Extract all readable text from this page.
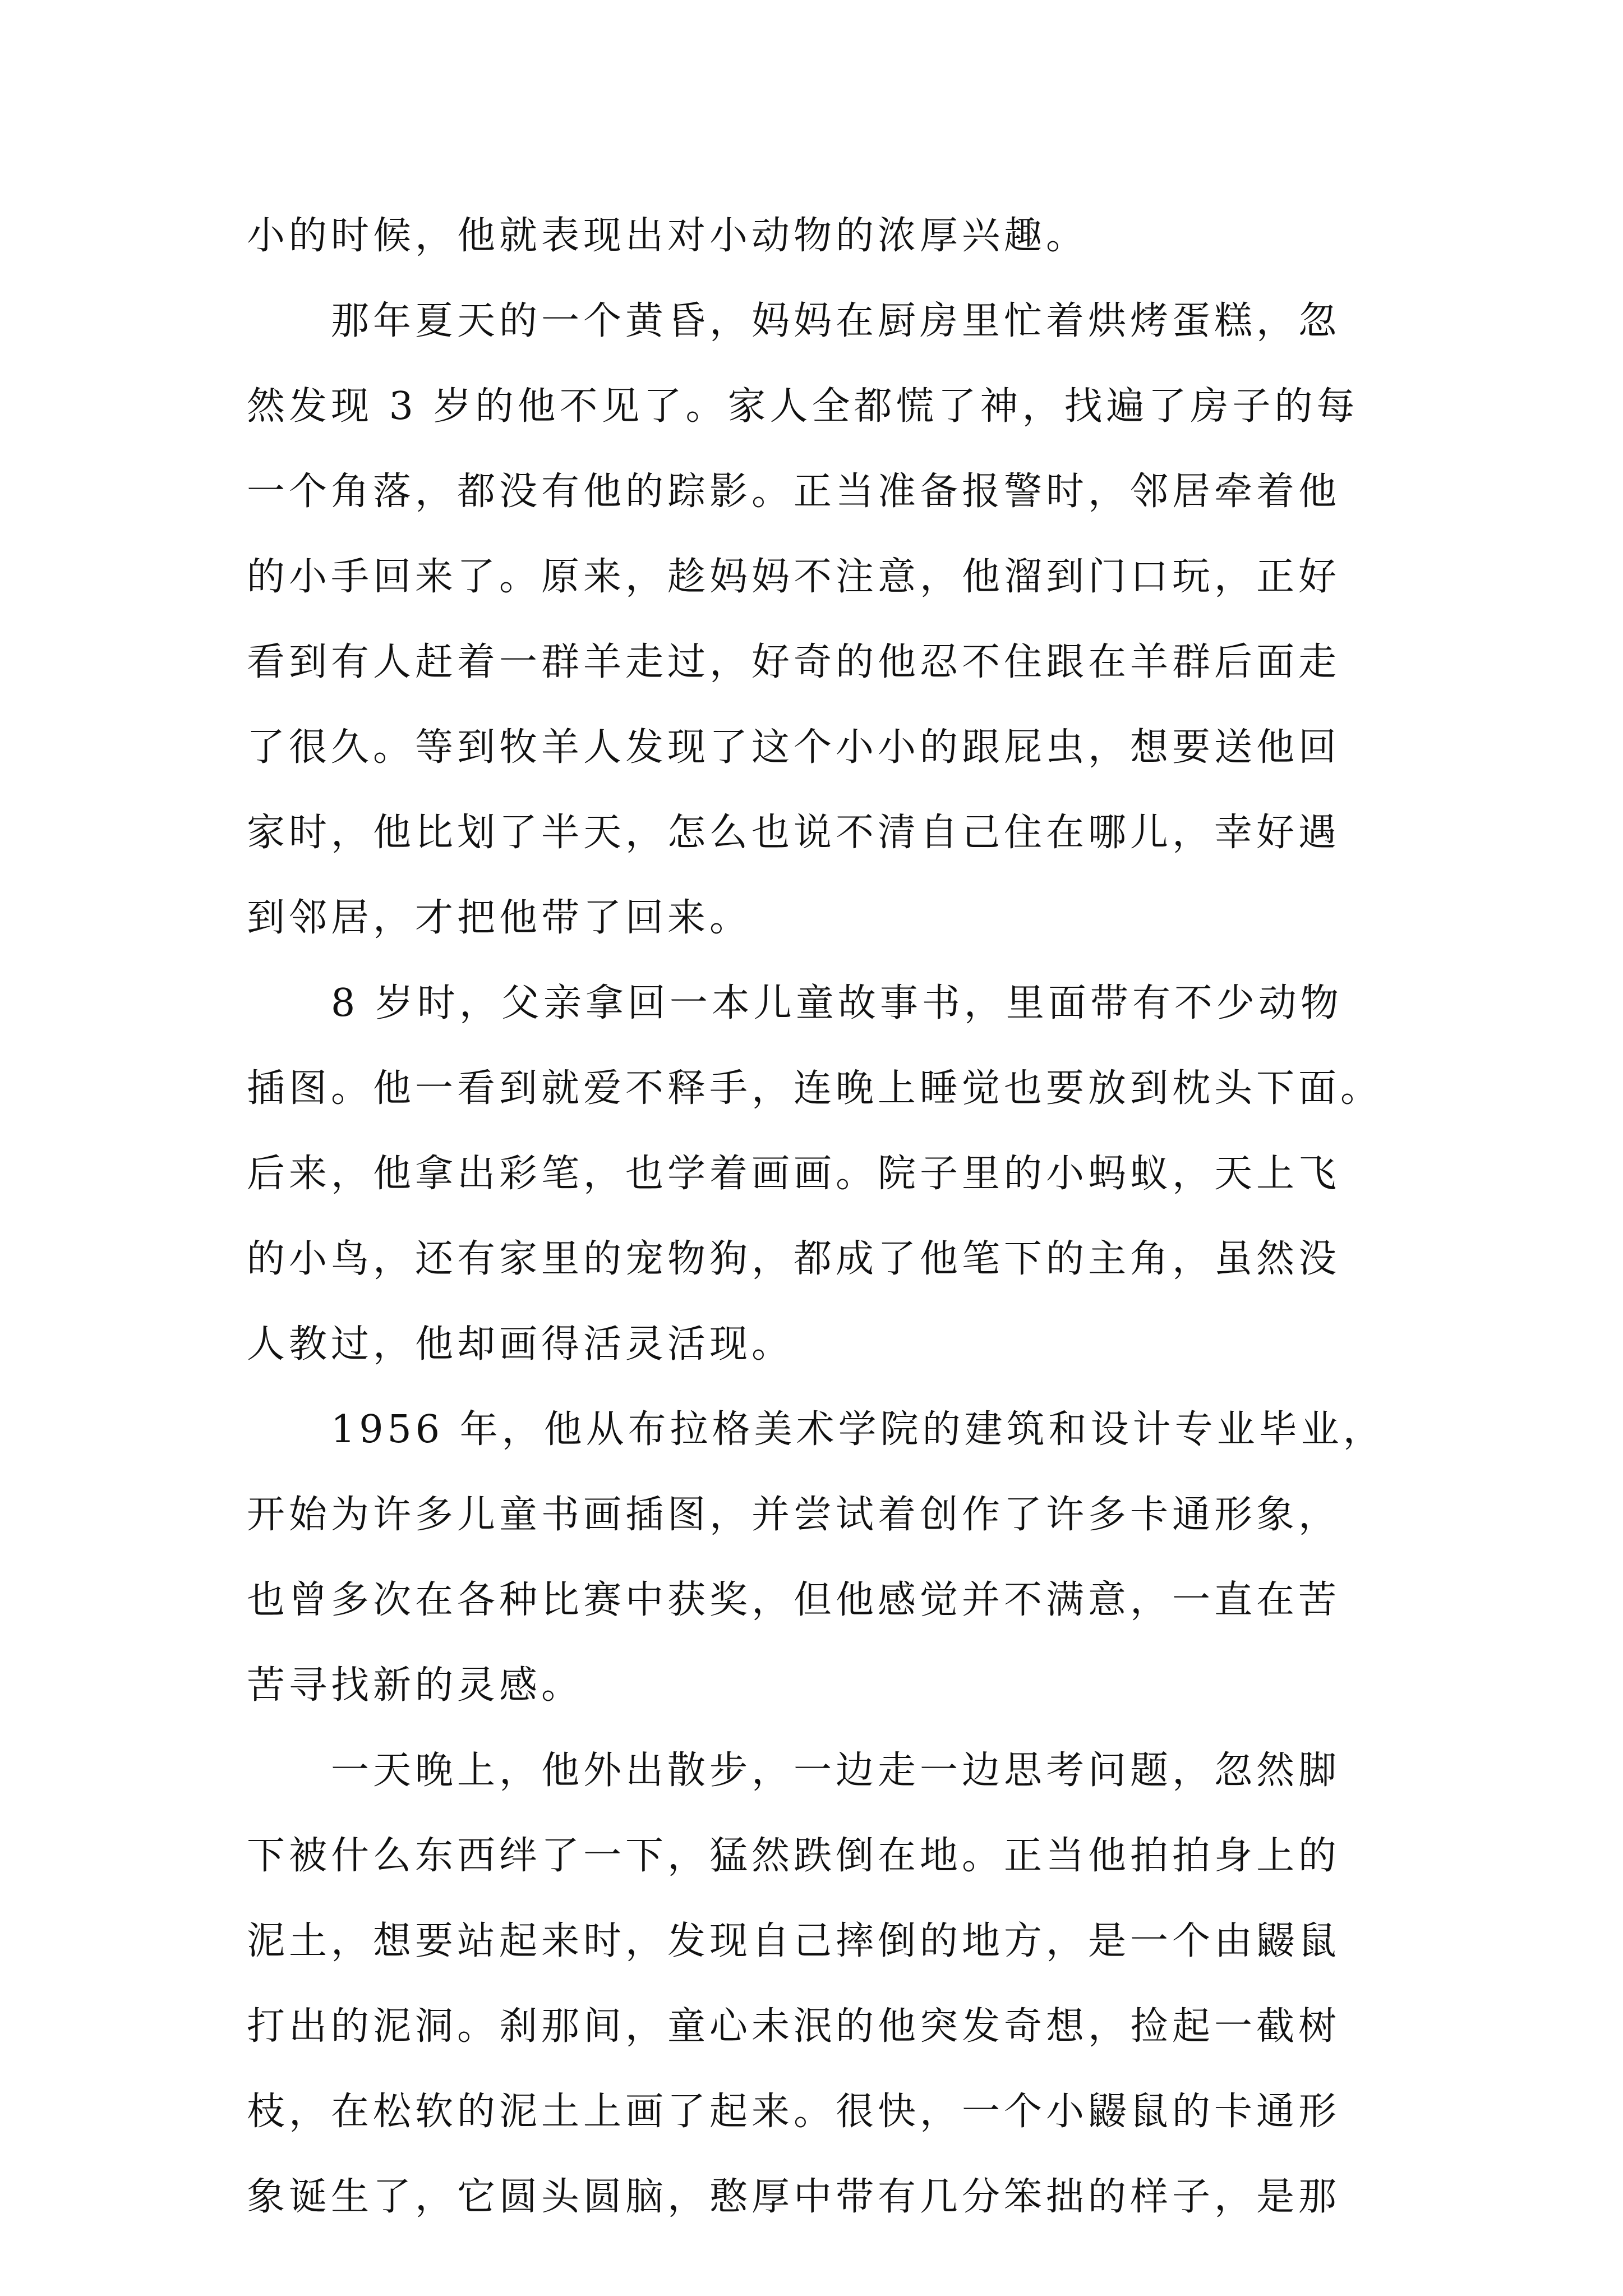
小的时候，他就表现出对小动物的浓厚兴趣。
那年夏天的一个黄昏，妈妈在厨房里忙着烘烤蛋糕，忽
然发现 3 岁的他不见了。家人全都慌了神，找遍了房子的每
一个角落，都没有他的踪影。正当准备报警时，邻居牵着他
的小手回来了。原来，趁妈妈不注意，他溜到门口玩，正好
看到有人赶着一群羊走过，好奇的他忍不住跟在羊群后面走
了很久。等到牧羊人发现了这个小小的跟屁虫，想要送他回
家时，他比划了半天，怎么也说不清自己住在哪儿，幸好遇
到邻居，才把他带了回来。
8 岁时，父亲拿回一本儿童故事书，里面带有不少动物
插图。他一看到就爱不释手，连晚上睡觉也要放到枕头下面。
后来，他拿出彩笔，也学着画画。院子里的小蚂蚁，天上飞
的小鸟，还有家里的宠物狗，都成了他笔下的主角，虽然没
人教过，他却画得活灵活现。
1956 年，他从布拉格美术学院的建筑和设计专业毕业，
开始为许多儿童书画插图，并尝试着创作了许多卡通形象，
也曾多次在各种比赛中获奖，但他感觉并不满意，一直在苦
苦寻找新的灵感。
一天晚上，他外出散步，一边走一边思考问题，忽然脚
下被什么东西绊了一下，猛然跌倒在地。正当他拍拍身上的
泥土，想要站起来时，发现自己摔倒的地方，是一个由鼹鼠
打出的泥洞。刹那间，童心未泯的他突发奇想，捡起一截树
枝，在松软的泥土上画了起来。很快，一个小鼹鼠的卡通形
象诞生了，它圆头圆脑，憨厚中带有几分笨拙的样子，是那
